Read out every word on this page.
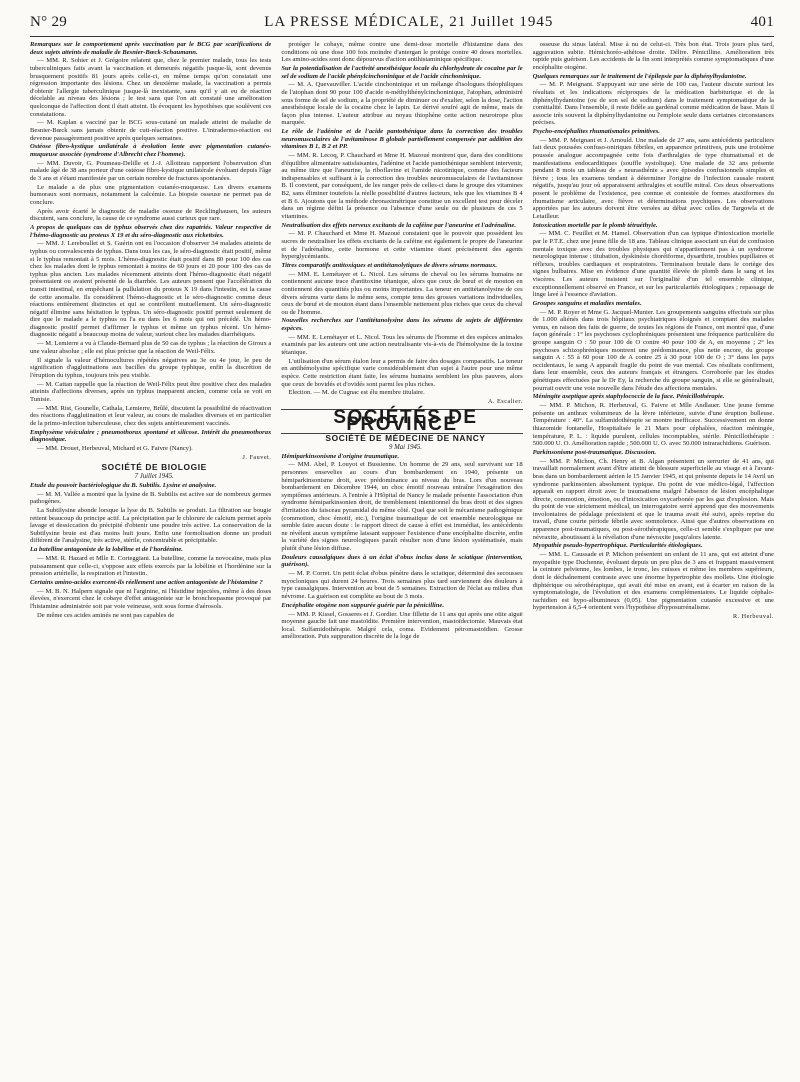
N° 29	LA PRESSE MÉDICALE, 21 Juillet 1945	401

Remarques sur le comportement après vaccination par le BCG par scarifications de deux sujets atteints de maladie de Besnier-Bœck-Schaumann.

— MM. R. Sohier et J. Grégoire relatent que, chez le premier malade, tous les tests tuberculiniques faits avant la vaccination et demeurés négatifs jusque-là, sont devenus brusquement positifs 81 jours après celle-ci, en même temps qu'on constatait une régression importante des lésions. Chez un deuxième malade, la vaccination a permis d'obtenir l'allergie tuberculinique jusque-là inexistante, sans qu'il y ait eu de réaction décelable au niveau des lésions ; le test sans que l'on ait constaté une amélioration quelconque de l'affection dont il était atteint. Ils évoquent les hypothèses que soulèvent ces constatations.

— M. Kaplan a vacciné par le BCG sous-cutané un malade atteint de maladie de Besnier-Bœck sans jamais obtenir de cuti-réaction positive. L'intradermo-réaction est devenue passagèrement positive après quelques semaines.

Ostéose fibro-kystique unilatérale à évolution lente avec pigmentation cutanéo-muqueuse associée (syndrome d'Albrecht chez l'homme).

— MM. Duvoir, G. Poumeau-Delille et J.-J. Alloiteau rapportent l'observation d'un malade âgé de 38 ans porteur d'une ostéose fibro-kystique unilatérale évoluant depuis l'âge de 3 ans et s'étant manifestée par un certain nombre de fractures spontanées.

Le malade a de plus une pigmentation cutanéo-muqueuse. Les divers examens humoraux sont normaux, notamment la calcémie. La biopsie osseuse ne permet pas de conclure.

Après avoir écarté le diagnostic de maladie osseuse de Recklinghausen, les auteurs discutent, sans conclure, la cause de ce syndrome aussi curieux que rare.

A propos de quelques cas de typhus observés chez des rapatriés. Valeur respective de l'hémo-diagnostic au proteus X 19 et du séro-diagnostic aux rickettsies.

— MM. J. Lereboullet et S. Guérin ont eu l'occasion d'observer 34 malades atteints de typhus ou convalescents de typhus. Dans tous les cas, le séro-diagnostic était positif, même si le typhus remontait à 5 mois. L'hémo-diagnostic était positif dans 80 pour 100 des cas chez les malades dont le typhus remontait à moins de 60 jours et 20 pour 100 des cas de typhus plus ancien. Les malades récemment atteints dont l'hémo-diagnostic était négatif présentaient ou avaient présenté de la diarrhée. Les auteurs pensent que l'accélération du transit intestinal, en empêchant la pullulation du proteus X 19 dans l'intestin, est la cause de cette anomalie. Ils considèrent l'hémo-diagnostic et le séro-diagnostic comme deux réactions entièrement distinctes et qui se contrôlent mutuellement. Un séro-diagnostic négatif élimine sans hésitation le typhus. Un séro-diagnostic positif permet seulement de dire que le malade a le typhus ou l'a eu dans les 6 mois qui ont précédé. Un hémo-diagnostic positif permet d'affirmer le typhus et même un typhus récent. Un hémo-diagnostic négatif a beaucoup moins de valeur, surtout chez les malades diarrhéiques.

— M. Lemierre a vu à Claude-Bernard plus de 50 cas de typhus ; la réaction de Giroux a une valeur absolue ; elle est plus précise que la réaction de Weil-Félix.

Il signale la valeur d'hémocultures répétées négatives au 3e ou 4e jour, le peu de signification d'agglutinations aux bacilles du groupe typhique, enfin la discrétion de l'éruption du typhus, toujours très peu visible.

— M. Cattan rappelle que la réaction de Weil-Félix peut être positive chez des malades atteints d'affections diverses, après un typhus inapparent ancien, comme cela se voit en Tunisie.

— MM. Rist, Gounelle, Cathala, Lemierre, Brûlé, discutent la possibilité de réactivation des réactions d'agglutination et leur valeur, au cours de maladies diverses et en particulier de la primo-infection tuberculeuse, chez des sujets antérieurement vaccinés.

Emphysème vésiculaire ; pneumothorax spontané et silicose. Intérêt du pneumothorax diagnostique.

— MM. Drouet, Herbeuval, Michard et G. Faivre (Nancy).

J. Fauvet.

SOCIÉTÉ DE BIOLOGIE

7 Juillet 1945.

Etude du pouvoir bactériologique du B. Subtilis. Lysine et analysine.

— M. M. Vallée a montré que la lysine de B. Subtilis est active sur de nombreux germes pathogènes.

La Subtilysine abonde lorsque la lyse du B. Subtilis se produit. La filtration sur bougie retient beaucoup du principe actif. La précipitation par le chlorure de calcium permet après lavage et dessiccation du précipité d'obtenir une poudre très active. La conservation de la Subtilysine brute est d'au moins huit jours. Enfin une formolisation donne un produit différent de l'analysine, très active, stérile, concentrable et précipitable.

La butelline antagoniste de la lobéline et de l'hordénine.

— MM. R. Hazard et Mlle E. Corteggiani. La butelline, comme la novocaïne, mais plus puissamment que celle-ci, s'oppose aux effets exercés par la lobéline et l'hordénine sur la pression artérielle, la respiration et l'intestin.

Certains amino-acides exercent-ils réellement une action antagoniste de l'histamine ?

— M. B. N. Halpern signale que ni l'arginine, ni l'histidine injectées, même à des doses élevées, n'exercent chez le cobaye d'effet antagoniste sur le bronchospasme provoqué par l'histamine administrée soit par voie veineuse, soit sous forme d'aérosols.

De même ces acides aminés ne sont pas capables de

protéger le cobaye, même contre une demi-dose mortelle d'histamine dans des conditions où une dose 100 fois moindre d'antergan le protège contre 40 doses mortelles. Les amino-acides sont donc dépourvus d'action antihistaminique spécifique.

Sur la potentialisation de l'activité anesthésique locale du chlorhydrate de cocaïne par le sel de sodium de l'acide phénylcinchoninique et de l'acide cinchoninique.

— M. A. Quevauviller. L'acide cinchoninique et un mélange d'isologues théophiliques de l'atophan dont 90 pour 100 d'acide α-méthylthénylcinchoninique, l'atophan, administré sous forme de sel de sodium, a la propriété de diminuer ou d'exalter, selon la dose, l'action anesthésique locale de la cocaïne chez le lapin. Le dérivé soufré agit de même, mais de façon plus intense. L'auteur attribue au noyau thiophène cette action neurotrope plus marquée.

Le rôle de l'adénine et de l'acide pantothénique dans la correction des troubles neuromusculaires de l'avitaminose B globale partiellement compensée par addition des vitamines B 1, B 2 et PP.

— MM. R. Lecoq, P. Chauchard et Mme H. Mazoué montrent que, dans des conditions d'équilibre alimentaire satisfaisantes, l'adénine et l'acide pantothénique semblent intervenir, au même titre que l'aneurine, la riboflavine et l'amide nicotinique, comme des facteurs indispensables et suffisant à la correction des troubles neuromusculaires de l'avitaminose B. Il convient, par conséquent, de les ranger près de celles-ci dans le groupe des vitamines B2, sans éliminer toutefois la réelle possibilité d'autres facteurs, tels que les vitamines B 4 et B 6. Ajoutons que la méthode chronaximétrique constitue un excellent test pour déceler dans un régime défini la présence ou l'absence d'une seule ou de plusieurs de ces 5 vitamines.

Neutralisation des effets nerveux excitants de la caféine par l'aneurine et l'adrénaline.

— M. P. Chauchard et Mme H. Mazoué constatent que le pouvoir que possèdent les sucres de neutraliser les effets excitants de la caféine est également le propre de l'aneurine et de l'adrénaline, cette hormone et cette vitamine étant précisément des agents hyperglycémiants.

Titres comparatifs antitoxiques et antitétanolytiques de divers sérums normaux.

— MM. E. Lemétayer et L. Nicol. Les sérums de cheval ou les sérums humains ne contiennent aucune trace d'antitoxine tétanique, alors que ceux de bœuf et de mouton en contiennent des quantités plus ou moins importantes. La teneur en antitétanolysine de ces divers sérums varie dans le même sens, compte tenu des grosses variations individuelles, ceux de bœuf et de mouton étant dans l'ensemble nettement plus riches que ceux du cheval ou de l'homme.

Nouvelles recherches sur l'antitétanolysine dans les sérums de sujets de différentes espèces.

— MM. E. Lemétayer et L. Nicol. Tous les sérums de l'homme et des espèces animales examinés par les auteurs ont une action neutralisante vis-à-vis de l'hémolysine de la toxine tétanique.

L'utilisation d'un sérum étalon leur a permis de faire des dosages comparatifs. La teneur en antihémolysine spécifique varie considérablement d'un sujet à l'autre pour une même espèce. Cette restriction étant faite, les sérums humains semblent les plus pauvres, alors que ceux de bovidés et d'ovidés sont parmi les plus riches.

Election. — M. de Cugnac est élu membre titulaire.

A. Escalier.

SOCIÉTÉS DE PROVINCE

SOCIÉTÉ DE MÉDECINE DE NANCY

9 Mai 1945.

Hémiparkinsonisme d'origine traumatique.

— MM. Abel, P. Louyot et Bussienne. Un homme de 29 ans, seul survivant sur 18 personnes ensevelies au cours d'un bombardement en 1940, présente un hémiparkinsonisme droit, avec prédominance au niveau du bras. Lors d'un nouveau bombardement en Décembre 1944, un choc émotif nouveau entraîne l'exagération des symptômes antérieurs. A l'entrée à l'Hôpital de Nancy le malade présente l'association d'un syndrome hémiparkinsonien droit, de tremblement intentionnel du bras droit et des signes d'irritation du faisceau pyramidal du même côté. Quel que soit le mécanisme pathogénique (commotion, choc émotif, etc.), l'origine traumatique de cet ensemble neurologique ne semble faire aucun doute : le rapport direct de cause à effet est immédiat, les antécédents ne révèlent aucun symptôme laissant supposer l'existence d'une encéphalite discrète, enfin la variété des signes neurologiques paraît résulter non d'une lésion systématisée, mais plutôt d'une lésion diffuse.

Douleurs causalgiques dues à un éclat d'obus inclus dans le sciatique (intervention, guérison).

— M. P. Corret. Un petit éclat d'obus pénètre dans le sciatique, déterminé des secousses myocloniques qui durent 24 heures. Trois semaines plus tard surviennent des douleurs à type causalgiques. Intervention au bout de 5 semaines. Extraction de l'éclat au milieu d'un névrome. La guérison est complète au bout de 3 mois.

Encéphalite otogène non suppurée guérie par la pénicilline.

— MM. P. Kissel, Gosseres et J. Gordier. Une fillette de 11 ans qui après une otite aiguë moyenne gauche fait une mastoïdite. Première intervention, mastoïdectomie. Mauvais état local. Sulfamidothérapie. Malgré cela, coma. Evidement pétromastoïdien. Grosse amélioration. Puis suppuration discrète de la loge de

osseuse du sinus latéral. Mise à nu de celui-ci. Très bon état. Trois jours plus tard, aggravation subite. Hémichoréo-athétose droite. Délire. Pénicilline. Amélioration très rapide puis guérison. Les accidents de la fin sont interprétés comme symptomatiques d'une encéphalite otogène.

Quelques remarques sur le traitement de l'épilepsie par la diphénylhydantoïne.

— M. P. Meignant. S'appuyant sur une série de 100 cas, l'auteur discute surtout les résultats et les indications réciproques de la médication barbiturique et de la diphénylhydantoïne (ou de son sel de sodium) dans le traitement symptomatique de la comitialité. Dans l'ensemble, il reste fidèle au gardénal comme médication de base. Mais il associe très souvent la diphénylhydantoïne ou l'emploie seule dans certaines circonstances précises.

Psycho-encéphalites rhumatismales primitives.

— MM. P. Meignant et J. Arnould. Une malade de 27 ans, sans antécédents particuliers fait deux poussées confuso-oniriques fébriles, en apparence primitives, puis une troisième poussée analogue accompagnée cette fois d'arthralgies de type rhumatismal et de manifestations endocarditiques (souffle systolique). Une malade de 32 ans présente pendant 8 mois un tableau de « neurasthénie » avec épisodes confusionnels simples et fièvre ; tous les examens tendant à déterminer l'origine de l'infection causale restent négatifs, jusqu'au jour où apparaissent arthralgies et souffle mitral. Ces deux observations posent le problème de l'existence, peu connue et contestée de formes ataxiformes du rhumatisme articulaire, avec fièvre et déterminations psychiques. Les observations apportées par les auteurs doivent être versées au débat avec celles de Targowla et de Letailleur.

Intoxication mortelle par le plomb tétraéthyle.

— MM. C. Feuillet et M. Hamel. Observation d'un cas typique d'intoxication mortelle par le P.T.E. chez une jeune fille de 18 ans. Tableau clinique associant un état de confusion mentale toxique avec des troubles physiques qui n'appartiennent pas à un syndrome neurologique intense : titubation, dyskinésie choréiforme, dysarthrie, troubles pupillaires et réflexes, troubles cardiaques et respiratoires. Terminaison brutale dans le cortège des signes bulbaires. Mise en évidence d'une quantité élevée de plomb dans le sang et les viscères. Les auteurs insistent sur l'originalité d'un tel ensemble clinique, exceptionnellement observé en France, et sur les particularités étiologiques ; repassage de linge lavé à l'essence d'aviation.

Groupes sanguins et maladies mentales.

— M. P. Royer et Mme G. Jacquel-Munier. Les groupements sanguins effectués sur plus de 1.000 aliénés dans trois hôpitaux psychiatriques éloignés et comptant des malades venus, en raison des faits de guerre, de toutes les régions de France, ont montré que, d'une façon générale : 1° les psychoses cyclophréniques présentent une fréquence particulière du groupe sanguin O : 50 pour 100 de O contre 40 pour 100 de A, en moyenne ; 2° les psychoses schizophréniques montrent une prédominance, plus nette encore, du groupe sanguin A : 55 à 60 pour 100 de A contre 25 à 30 pour 100 de O ; 3° dans les pays occidentaux, le sang A apparaît fragile du point de vue mental. Ces résultats confirment, dans leur ensemble, ceux des auteurs français et étrangers. Corroborée par les études génétiques effectuées par le Dr Ey, la recherche du groupe sanguin, si elle se généralisait, pourrait ouvrir une voie nouvelle dans l'étude des affections mentales.

Méningite aseptique après staphylococcie de la face. Pénicillothérapie.

— MM. P. Michon, R. Herbeuval, G. Faivre et Mlle Andlauer. Une jeune femme présente un anthrax volumineux de la lèvre inférieure, suivie d'une éruption bulleuse. Température : 40°. La sulfamidothérapie se montre inefficace. Successivement on donne thiazomide fontanelle, Hospitalisée le 21 Mars pour céphalées, réaction méningée, température, P. L. : liquide purulent, cellules incomptables, stérile. Pénicillothérapie : 500.000 U. O. Amélioration rapide ; 500.000 U. O. avec 50.000 intrarachidiens. Guérison.

Parkinsonisme post-traumatique. Discussion.

— MM. P. Michon, Ch. Henry et B. Algan présentent un serrurier de 41 ans, qui travaillait normalement avant d'être atteint de blessure superficielle au visage et à l'avant-bras dans un bombardement aérien le 15 Janvier 1945, et qui présente depuis le 14 Avril un syndrome parkinsonien absolument typique. Du point de vue médico-légal, l'affection apparaît en rapport étroit avec le traumatisme malgré l'absence de lésion encéphalique directe, commotion, émotion, ou d'intoxication oxycarbonée par les gaz d'explosion. Mais du point de vue strictement médical, un interrogatoire serré apprend que des mouvements involontaires de pédalage préexistent et que le trauma avait été suivi, après reprise du travail, d'une courte période fébrile avec somnolence. Ainsi que d'autres observations en apparence post-traumatiques, ou post-sérothérapiques, celle-ci semble s'expliquer par une névraxite, aboutissant à la révélation d'une névraxite jusqu'alors latente.

Myopathie pseudo-hypertrophique. Particularités étiologiques.

— MM. L. Caussade et P. Michon présentent un enfant de 11 ans, qui est atteint d'une myopathie type Duchenne, évoluant depuis un peu plus de 3 ans et frappant massivement la ceinture pelvienne, les lombes, le tronc, les cuisses et même les membres supérieurs, dont le déchaînement contraste avec une énorme hypertrophie des mollets. Une étiologie diphtérique ou sérothérapique, qui avait été mise en avant, est à écarter en raison de la symptomatologie, de l'évolution et des examens complémentaires. Le liquide céphalo-rachidien est hypo-albumineux (0,05). Une pigmentation cutanée excessive et une hypertension à 6,5-4 orientent vers l'hypothèse d'hyposurrénalisme.

R. Herbeuval.
